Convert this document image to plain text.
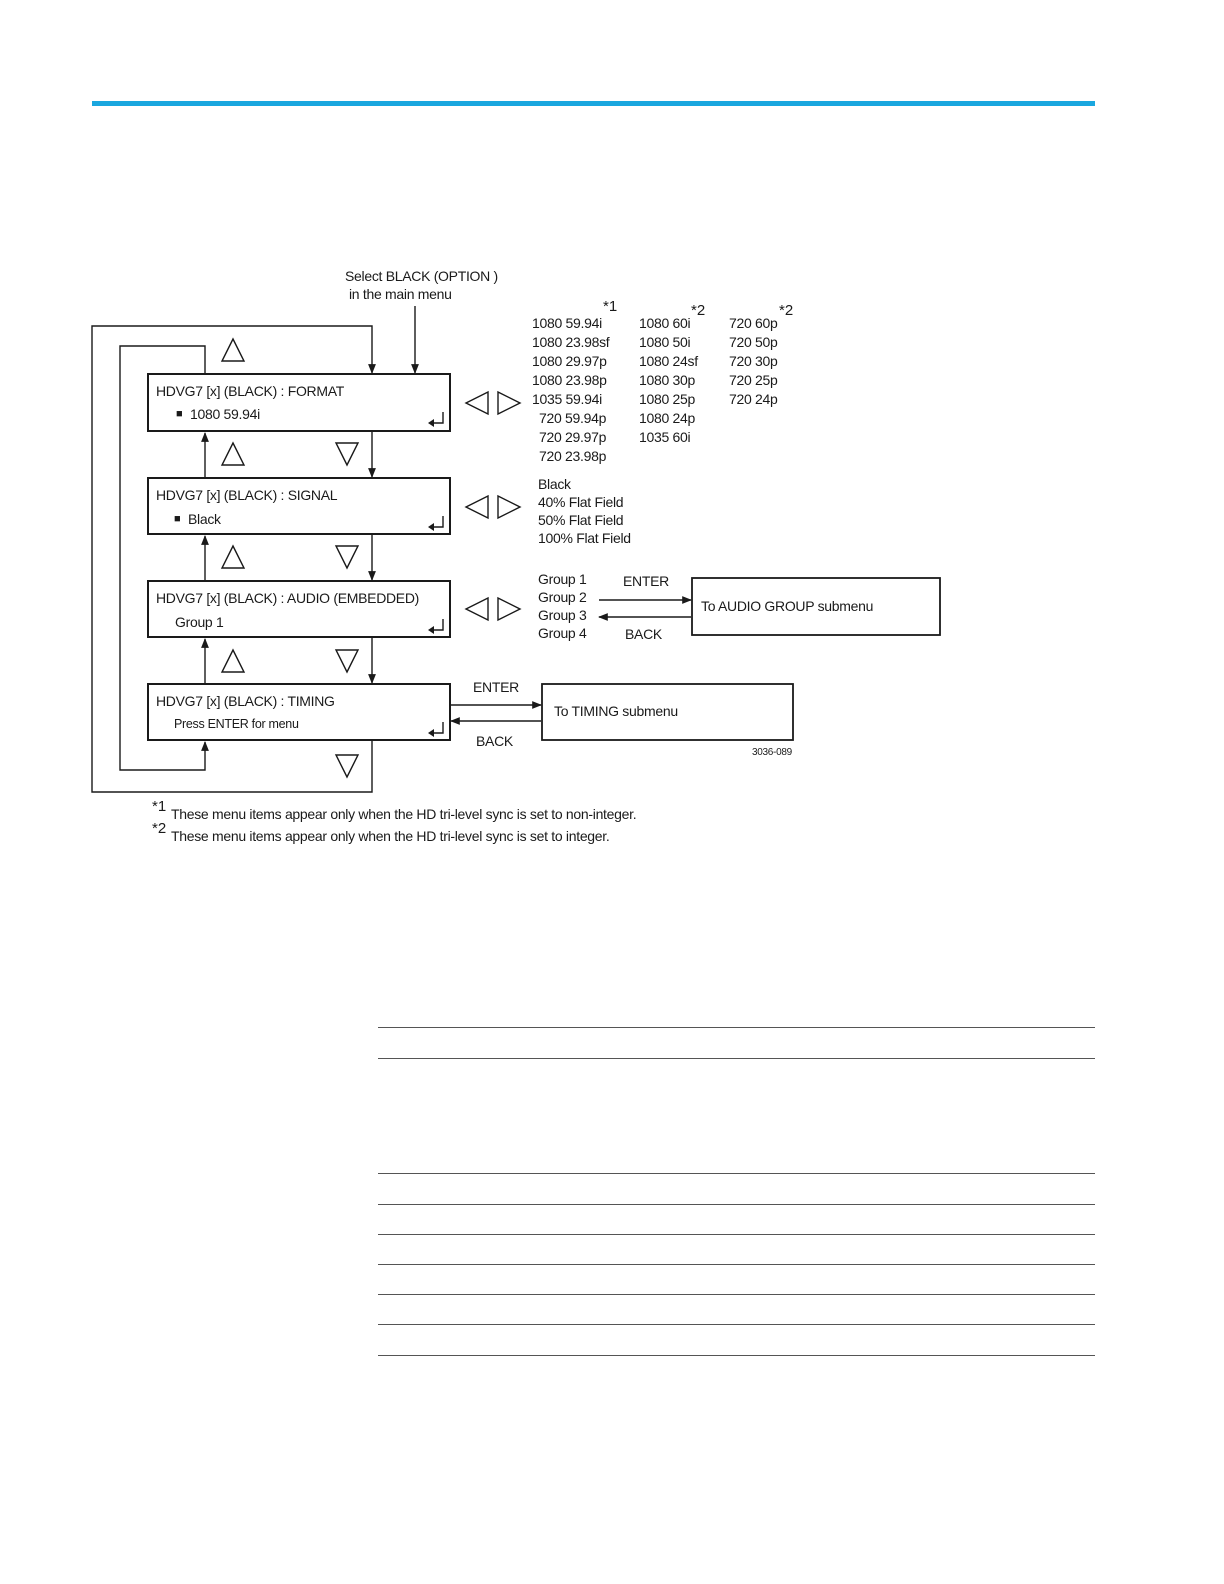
Select BLACK (OPTION )
in the main menu
HDVG7 [x] (BLACK) : FORMAT
■ 1080 59.94i
HDVG7 [x] (BLACK) : SIGNAL
■ Black
HDVG7 [x] (BLACK) : AUDIO (EMBEDDED)
Group 1
HDVG7 [x] (BLACK) : TIMING
Press ENTER for menu
*1
1080 59.94i
1080 23.98sf
1080 29.97p
1080 23.98p
1035 59.94i
720 59.94p
720 29.97p
720 23.98p
*2
1080 60i
1080 50i
1080 24sf
1080 30p
1080 25p
1080 24p
1035 60i
*2
720 60p
720 50p
720 30p
720 25p
720 24p
Black
40% Flat Field
50% Flat Field
100% Flat Field
Group 1
Group 2
Group 3
Group 4
ENTER
BACK
To AUDIO GROUP submenu
ENTER
BACK
To TIMING submenu
3036-089
*1 These menu items appear only when the HD tri-level sync is set to non-integer.
*2 These menu items appear only when the HD tri-level sync is set to integer.
